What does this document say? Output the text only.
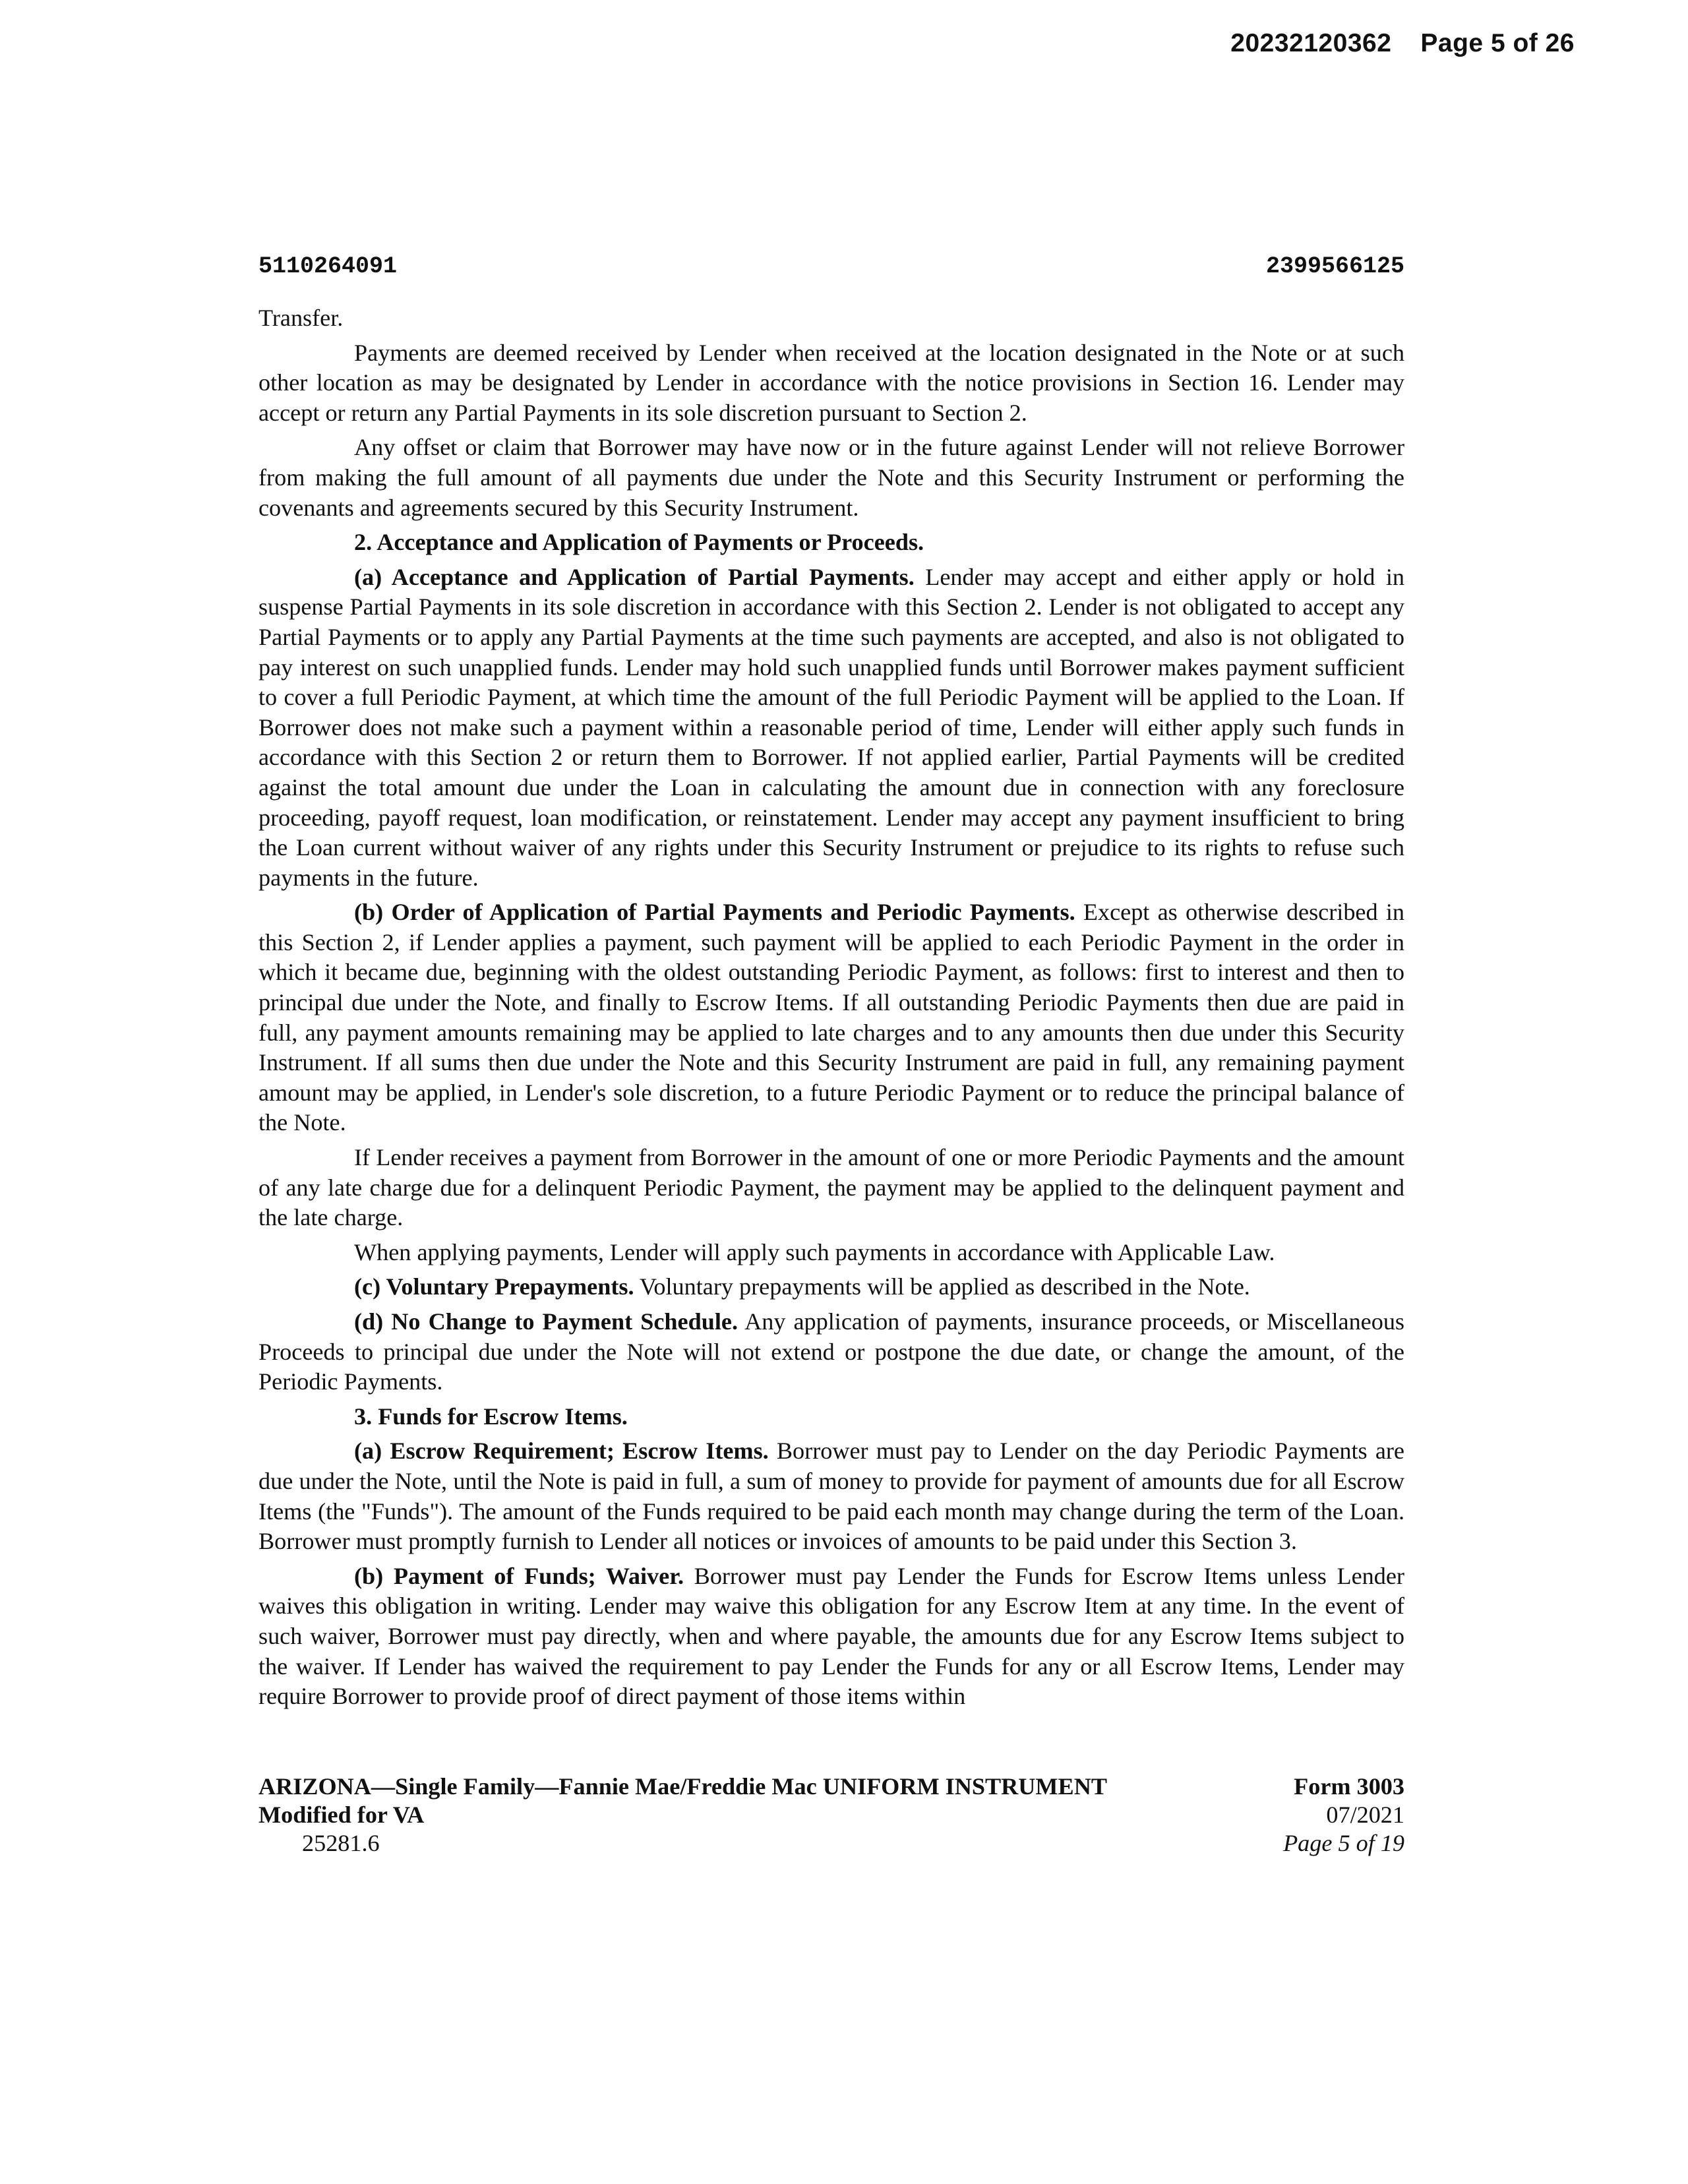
20232120362 Page 5 of 26
5110264091	2399566125

Transfer.

Payments are deemed received by Lender when received at the location designated in the Note or at such other location as may be designated by Lender in accordance with the notice provisions in Section 16. Lender may accept or return any Partial Payments in its sole discretion pursuant to Section 2.

Any offset or claim that Borrower may have now or in the future against Lender will not relieve Borrower from making the full amount of all payments due under the Note and this Security Instrument or performing the covenants and agreements secured by this Security Instrument.

2. Acceptance and Application of Payments or Proceeds.

(a) Acceptance and Application of Partial Payments. Lender may accept and either apply or hold in suspense Partial Payments in its sole discretion in accordance with this Section 2. Lender is not obligated to accept any Partial Payments or to apply any Partial Payments at the time such payments are accepted, and also is not obligated to pay interest on such unapplied funds. Lender may hold such unapplied funds until Borrower makes payment sufficient to cover a full Periodic Payment, at which time the amount of the full Periodic Payment will be applied to the Loan. If Borrower does not make such a payment within a reasonable period of time, Lender will either apply such funds in accordance with this Section 2 or return them to Borrower. If not applied earlier, Partial Payments will be credited against the total amount due under the Loan in calculating the amount due in connection with any foreclosure proceeding, payoff request, loan modification, or reinstatement. Lender may accept any payment insufficient to bring the Loan current without waiver of any rights under this Security Instrument or prejudice to its rights to refuse such payments in the future.

(b) Order of Application of Partial Payments and Periodic Payments. Except as otherwise described in this Section 2, if Lender applies a payment, such payment will be applied to each Periodic Payment in the order in which it became due, beginning with the oldest outstanding Periodic Payment, as follows: first to interest and then to principal due under the Note, and finally to Escrow Items. If all outstanding Periodic Payments then due are paid in full, any payment amounts remaining may be applied to late charges and to any amounts then due under this Security Instrument. If all sums then due under the Note and this Security Instrument are paid in full, any remaining payment amount may be applied, in Lender's sole discretion, to a future Periodic Payment or to reduce the principal balance of the Note.

If Lender receives a payment from Borrower in the amount of one or more Periodic Payments and the amount of any late charge due for a delinquent Periodic Payment, the payment may be applied to the delinquent payment and the late charge.

When applying payments, Lender will apply such payments in accordance with Applicable Law.

(c) Voluntary Prepayments. Voluntary prepayments will be applied as described in the Note.

(d) No Change to Payment Schedule. Any application of payments, insurance proceeds, or Miscellaneous Proceeds to principal due under the Note will not extend or postpone the due date, or change the amount, of the Periodic Payments.

3. Funds for Escrow Items.

(a) Escrow Requirement; Escrow Items. Borrower must pay to Lender on the day Periodic Payments are due under the Note, until the Note is paid in full, a sum of money to provide for payment of amounts due for all Escrow Items (the "Funds"). The amount of the Funds required to be paid each month may change during the term of the Loan. Borrower must promptly furnish to Lender all notices or invoices of amounts to be paid under this Section 3.

(b) Payment of Funds; Waiver. Borrower must pay Lender the Funds for Escrow Items unless Lender waives this obligation in writing. Lender may waive this obligation for any Escrow Item at any time. In the event of such waiver, Borrower must pay directly, when and where payable, the amounts due for any Escrow Items subject to the waiver. If Lender has waived the requirement to pay Lender the Funds for any or all Escrow Items, Lender may require Borrower to provide proof of direct payment of those items within

ARIZONA—Single Family—Fannie Mae/Freddie Mac UNIFORM INSTRUMENT
Modified for VA
25281.6
Form 3003
07/2021
Page 5 of 19
